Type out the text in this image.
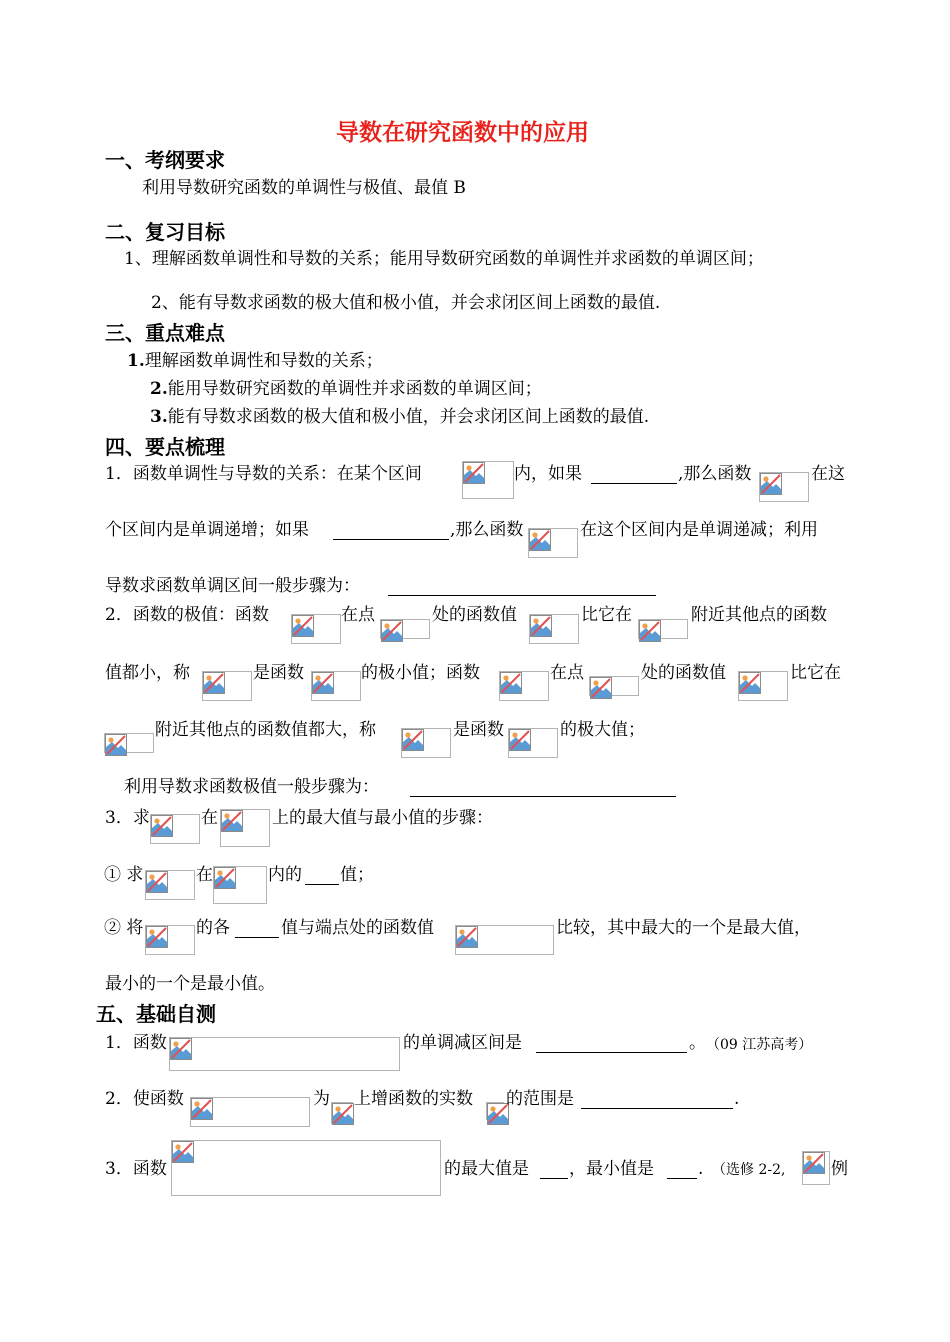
导数在研究函数中的应用
一、考纲要求
利用导数研究函数的单调性与极值、最值 B
二、复习目标
1、理解函数单调性和导数的关系；能用导数研究函数的单调性并求函数的单调区间；
2、能有导数求函数的极大值和极小值，并会求闭区间上函数的最值.
三、重点难点
1.理解函数单调性和导数的关系；
2.能用导数研究函数的单调性并求函数的单调区间；
3.能有导数求函数的极大值和极小值，并会求闭区间上函数的最值.
四、要点梳理
1．函数单调性与导数的关系：在某个区间	内，如果	,那么函数	在这
个区间内是单调递增；如果	,那么函数	在这个区间内是单调递减；利用
导数求函数单调区间一般步骤为：
2．函数的极值：函数	在点	处的函数值	比它在	附近其他点的函数
值都小，称	是函数	的极小值；函数	在点	处的函数值	比它在
附近其他点的函数值都大，称	是函数	的极大值；
利用导数求函数极值一般步骤为：
3．求	在	上的最大值与最小值的步骤：
① 求	在	内的 值；
② 将	的各	值与端点处的函数值	比较，其中最大的一个是最大值，
最小的一个是最小值。
五、基础自测
1．函数	的单调减区间是	。 （09 江苏高考）
2．使函数	为 上增函数的实数 的范围是	.
3．函数	的最大值是 ，最小值是	. （选修 2-2,	例
